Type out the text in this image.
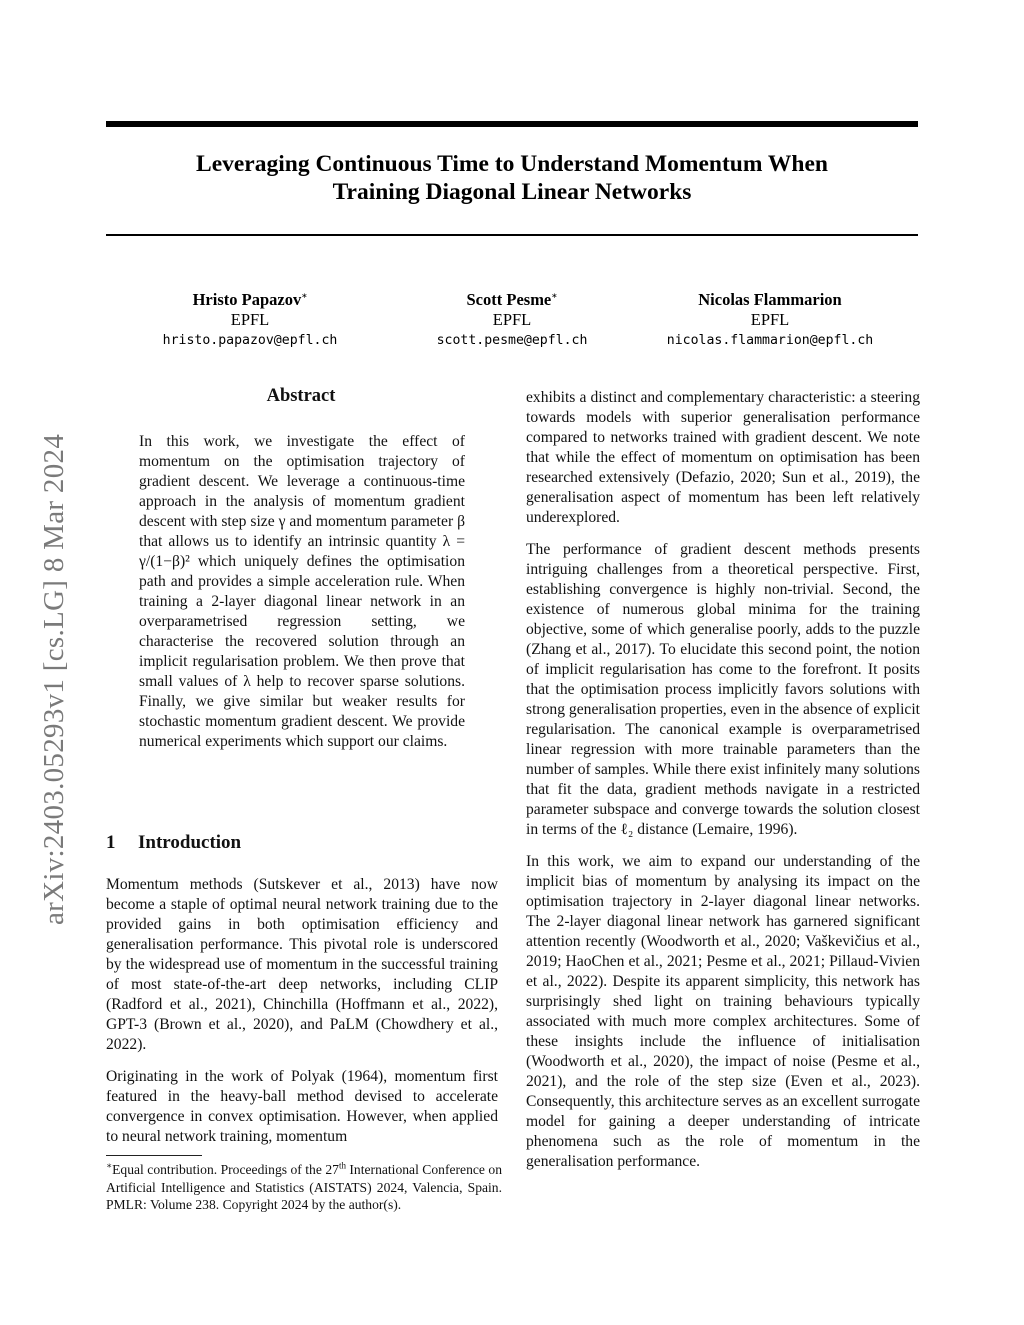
arXiv:2403.05293v1 [cs.LG] 8 Mar 2024
Leveraging Continuous Time to Understand Momentum When
Training Diagonal Linear Networks
Hristo Papazov∗
EPFL
hristo.papazov@epfl.ch
Scott Pesme∗
EPFL
scott.pesme@epfl.ch
Nicolas Flammarion
EPFL
nicolas.flammarion@epfl.ch
Abstract

In this work, we investigate the effect of momentum on the optimisation trajectory of gradient descent. We leverage a continuous-time approach in the analysis of momentum gradient descent with step size γ and momentum parameter β that allows us to identify an intrinsic quantity λ = γ/(1−β)² which uniquely defines the optimisation path and provides a simple acceleration rule. When training a 2-layer diagonal linear network in an overparametrised regression setting, we characterise the recovered solution through an implicit regularisation problem. We then prove that small values of λ help to recover sparse solutions. Finally, we give similar but weaker results for stochastic momentum gradient descent. We provide numerical experiments which support our claims.

1 Introduction

Momentum methods (Sutskever et al., 2013) have now become a staple of optimal neural network training due to the provided gains in both optimisation efficiency and generalisation performance. This pivotal role is underscored by the widespread use of momentum in the successful training of most state-of-the-art deep networks, including CLIP (Radford et al., 2021), Chinchilla (Hoffmann et al., 2022), GPT-3 (Brown et al., 2020), and PaLM (Chowdhery et al., 2022).

Originating in the work of Polyak (1964), momentum first featured in the heavy-ball method devised to accelerate convergence in convex optimisation. However, when applied to neural network training, momentum

∗Equal contribution. Proceedings of the 27th International Conference on Artificial Intelligence and Statistics (AISTATS) 2024, Valencia, Spain. PMLR: Volume 238. Copyright 2024 by the author(s).

exhibits a distinct and complementary characteristic: a steering towards models with superior generalisation performance compared to networks trained with gradient descent. We note that while the effect of momentum on optimisation has been researched extensively (Defazio, 2020; Sun et al., 2019), the generalisation aspect of momentum has been left relatively underexplored.

The performance of gradient descent methods presents intriguing challenges from a theoretical perspective. First, establishing convergence is highly non-trivial. Second, the existence of numerous global minima for the training objective, some of which generalise poorly, adds to the puzzle (Zhang et al., 2017). To elucidate this second point, the notion of implicit regularisation has come to the forefront. It posits that the optimisation process implicitly favors solutions with strong generalisation properties, even in the absence of explicit regularisation. The canonical example is overparametrised linear regression with more trainable parameters than the number of samples. While there exist infinitely many solutions that fit the data, gradient methods navigate in a restricted parameter subspace and converge towards the solution closest in terms of the ℓ₂ distance (Lemaire, 1996).

In this work, we aim to expand our understanding of the implicit bias of momentum by analysing its impact on the optimisation trajectory in 2-layer diagonal linear networks. The 2-layer diagonal linear network has garnered significant attention recently (Woodworth et al., 2020; Vaškevičius et al., 2019; HaoChen et al., 2021; Pesme et al., 2021; Pillaud-Vivien et al., 2022). Despite its apparent simplicity, this network has surprisingly shed light on training behaviours typically associated with much more complex architectures. Some of these insights include the influence of initialisation (Woodworth et al., 2020), the impact of noise (Pesme et al., 2021), and the role of the step size (Even et al., 2023). Consequently, this architecture serves as an excellent surrogate model for gaining a deeper understanding of intricate phenomena such as the role of momentum in the generalisation performance.
